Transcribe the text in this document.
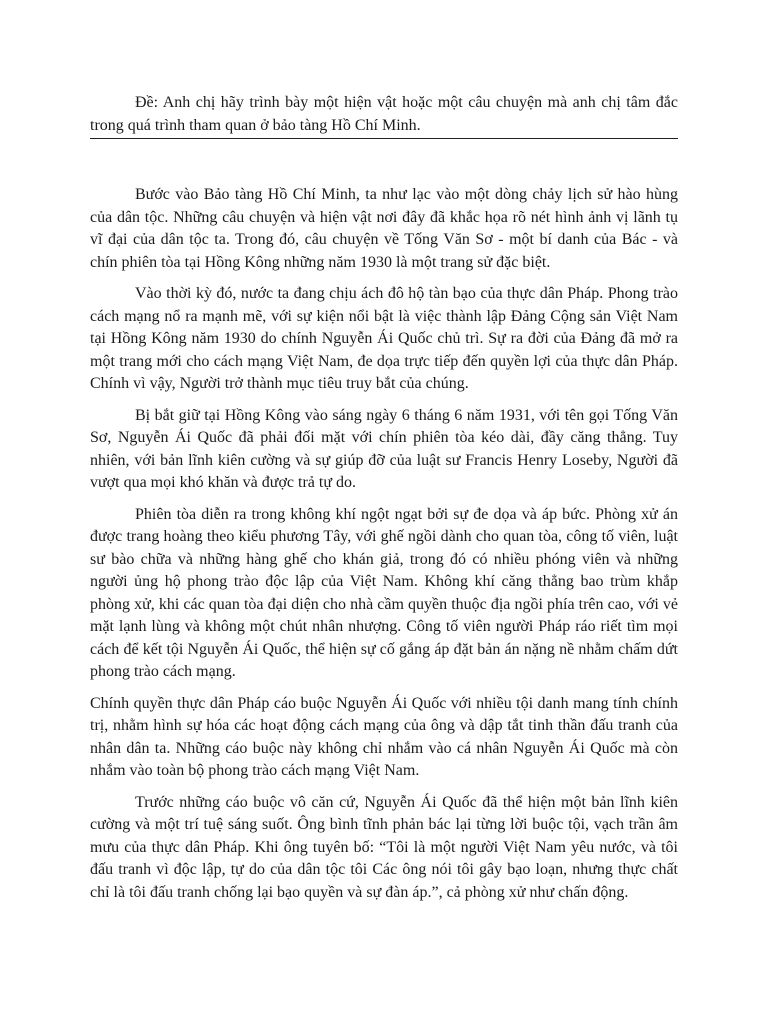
Đề: Anh chị hãy trình bày một hiện vật hoặc một câu chuyện mà anh chị tâm đắc trong quá trình tham quan ở bảo tàng Hồ Chí Minh.

Bước vào Bảo tàng Hồ Chí Minh, ta như lạc vào một dòng chảy lịch sử hào hùng của dân tộc. Những câu chuyện và hiện vật nơi đây đã khắc họa rõ nét hình ảnh vị lãnh tụ vĩ đại của dân tộc ta. Trong đó, câu chuyện về Tống Văn Sơ - một bí danh của Bác - và chín phiên tòa tại Hồng Kông những năm 1930 là một trang sử đặc biệt.

Vào thời kỳ đó, nước ta đang chịu ách đô hộ tàn bạo của thực dân Pháp. Phong trào cách mạng nổ ra mạnh mẽ, với sự kiện nổi bật là việc thành lập Đảng Cộng sản Việt Nam tại Hồng Kông năm 1930 do chính Nguyễn Ái Quốc chủ trì. Sự ra đời của Đảng đã mở ra một trang mới cho cách mạng Việt Nam, đe dọa trực tiếp đến quyền lợi của thực dân Pháp. Chính vì vậy, Người trở thành mục tiêu truy bắt của chúng.

Bị bắt giữ tại Hồng Kông vào sáng ngày 6 tháng 6 năm 1931, với tên gọi Tống Văn Sơ, Nguyễn Ái Quốc đã phải đối mặt với chín phiên tòa kéo dài, đầy căng thẳng. Tuy nhiên, với bản lĩnh kiên cường và sự giúp đỡ của luật sư Francis Henry Loseby, Người đã vượt qua mọi khó khăn và được trả tự do.

Phiên tòa diễn ra trong không khí ngột ngạt bởi sự đe dọa và áp bức. Phòng xử án được trang hoàng theo kiểu phương Tây, với ghế ngồi dành cho quan tòa, công tố viên, luật sư bào chữa và những hàng ghế cho khán giả, trong đó có nhiều phóng viên và những người ủng hộ phong trào độc lập của Việt Nam. Không khí căng thẳng bao trùm khắp phòng xử, khi các quan tòa đại diện cho nhà cầm quyền thuộc địa ngồi phía trên cao, với vẻ mặt lạnh lùng và không một chút nhân nhượng. Công tố viên người Pháp ráo riết tìm mọi cách để kết tội Nguyễn Ái Quốc, thể hiện sự cố gắng áp đặt bản án nặng nề nhằm chấm dứt phong trào cách mạng.

Chính quyền thực dân Pháp cáo buộc Nguyễn Ái Quốc với nhiều tội danh mang tính chính trị, nhằm hình sự hóa các hoạt động cách mạng của ông và dập tắt tinh thần đấu tranh của nhân dân ta. Những cáo buộc này không chỉ nhắm vào cá nhân Nguyễn Ái Quốc mà còn nhắm vào toàn bộ phong trào cách mạng Việt Nam.

Trước những cáo buộc vô căn cứ, Nguyễn Ái Quốc đã thể hiện một bản lĩnh kiên cường và một trí tuệ sáng suốt. Ông bình tĩnh phản bác lại từng lời buộc tội, vạch trần âm mưu của thực dân Pháp. Khi ông tuyên bố: “Tôi là một người Việt Nam yêu nước, và tôi đấu tranh vì độc lập, tự do của dân tộc tôi Các ông nói tôi gây bạo loạn, nhưng thực chất chỉ là tôi đấu tranh chống lại bạo quyền và sự đàn áp.”, cả phòng xử như chấn động.
